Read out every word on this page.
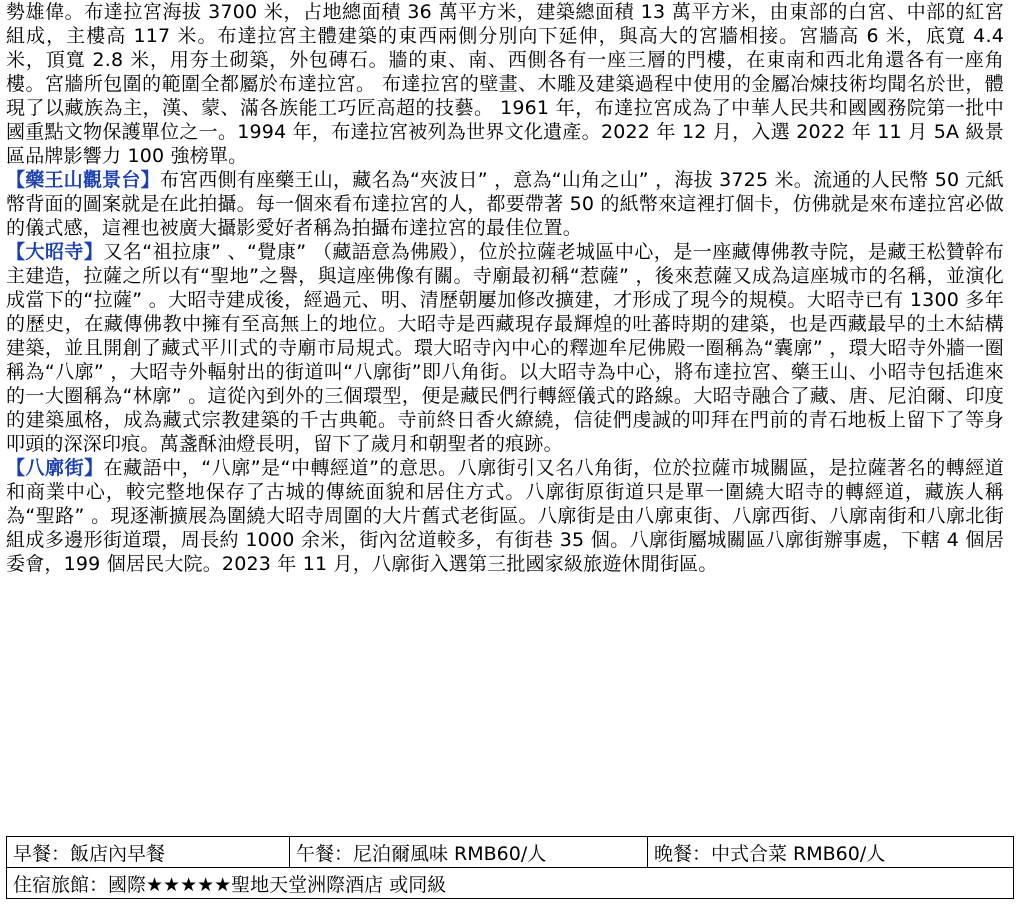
勢雄偉。布達拉宮海拔 3700 米，占地總面積 36 萬平方米，建築總面積 13 萬平方米，由東部的白宮、中部的紅宮組成，主樓高 117 米。布達拉宮主體建築的東西兩側分別向下延伸，與高大的宮牆相接。宮牆高 6 米，底寬 4.4 米，頂寬 2.8 米，用夯土砌築，外包磚石。牆的東、南、西側各有一座三層的門樓，在東南和西北角還各有一座角樓。宮牆所包圍的範圍全都屬於布達拉宮。 布達拉宮的壁畫、木雕及建築過程中使用的金屬冶煉技術均聞名於世，體現了以藏族為主，漢、蒙、滿各族能工巧匠高超的技藝。 1961 年，布達拉宮成為了中華人民共和國國務院第一批中國重點文物保護單位之一。1994 年，布達拉宮被列為世界文化遺產。2022 年 12 月，入選 2022 年 11 月 5A 級景區品牌影響力 100 強榜單。

【藥王山觀景台】布宮西側有座藥王山，藏名為“夾波日” ，意為“山角之山” ，海拔 3725 米。流通的人民幣 50 元紙幣背面的圖案就是在此拍攝。每一個來看布達拉宮的人，都要帶著 50 的紙幣來這裡打個卡，仿佛就是來布達拉宮必做的儀式感，這裡也被廣大攝影愛好者稱為拍攝布達拉宮的最佳位置。

【大昭寺】又名“祖拉康” 、“覺康” （藏語意為佛殿），位於拉薩老城區中心，是一座藏傳佛教寺院，是藏王松贊幹布主建造，拉薩之所以有“聖地”之譽，與這座佛像有關。寺廟最初稱“惹薩” ，後來惹薩又成為這座城市的名稱，並演化成當下的“拉薩” 。大昭寺建成後，經過元、明、清歷朝屢加修改擴建，才形成了現今的規模。大昭寺已有 1300 多年的歷史，在藏傳佛教中擁有至高無上的地位。大昭寺是西藏現存最輝煌的吐蕃時期的建築，也是西藏最早的土木結構建築，並且開創了藏式平川式的寺廟市局規式。環大昭寺內中心的釋迦牟尼佛殿一圈稱為“囊廓” ，環大昭寺外牆一圈稱為“八廓” ，大昭寺外輻射出的街道叫“八廓街”即八角街。以大昭寺為中心，將布達拉宮、藥王山、小昭寺包括進來的一大圈稱為“林廓” 。這從內到外的三個環型，便是藏民們行轉經儀式的路線。大昭寺融合了藏、唐、尼泊爾、印度的建築風格，成為藏式宗教建築的千古典範。寺前終日香火繚繞，信徒們虔誠的叩拜在門前的青石地板上留下了等身叩頭的深深印痕。萬盞酥油燈長明，留下了歲月和朝聖者的痕跡。

【八廓街】在藏語中，“八廓”是“中轉經道”的意思。八廓街引又名八角街，位於拉薩市城關區，是拉薩著名的轉經道和商業中心，較完整地保存了古城的傳統面貌和居住方式。八廓街原街道只是單一圍繞大昭寺的轉經道，藏族人稱為“聖路” 。現逐漸擴展為圍繞大昭寺周圍的大片舊式老街區。八廓街是由八廓東街、八廓西街、八廓南街和八廓北街組成多邊形街道環，周長約 1000 余米，街內岔道較多，有街巷 35 個。八廓街屬城關區八廓街辦事處，下轄 4 個居委會，199 個居民大院。2023 年 11 月，八廓街入選第三批國家級旅遊休閒街區。

早餐：飯店內早餐	午餐：尼泊爾風味 RMB60/人	晚餐：中式合菜 RMB60/人
住宿旅館：國際★★★★★聖地天堂洲際酒店 或同級
